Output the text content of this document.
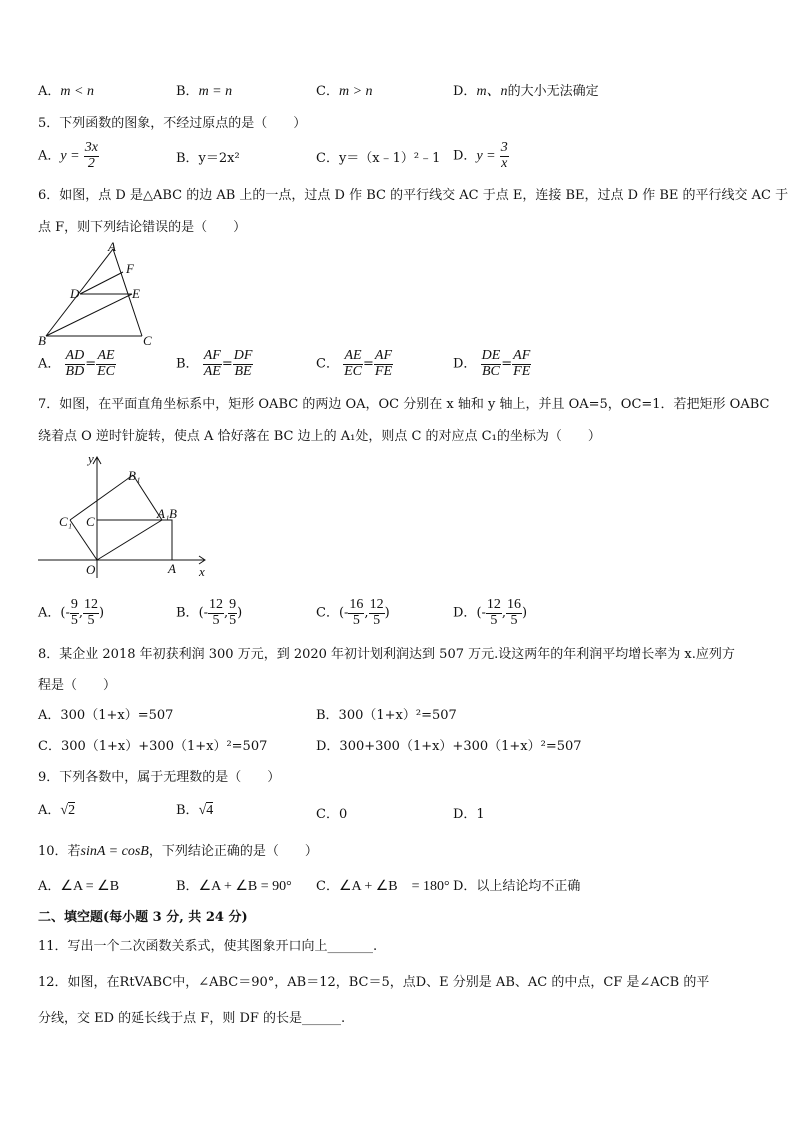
A．m < n	B．m = n	C．m > n	D．m、n的大小无法确定
5．下列函数的图象，不经过原点的是（　　）
A．$y = \frac{3x}{2}$	B．y＝2x²	C．y＝（x﹣1）²﹣1 D．$y = \frac{3}{x}$
6．如图，点 D 是△ABC 的边 AB 上的一点，过点 D 作 BC 的平行线交 AC 于点 E，连接 BE，过点 D 作 BE 的平行线交 AC 于
点 F，则下列结论错误的是（　　）
A
F
D	E
B	C
A． $\frac{AD}{BD} = \frac{AE}{EC}$	B． $\frac{AF}{AE} = \frac{DF}{BE}$	C． $\frac{AE}{EC} = \frac{AF}{FE}$	D． $\frac{DE}{BC} = \frac{AF}{FE}$
7．如图，在平面直角坐标系中，矩形 OABC 的两边 OA，OC 分别在 x 轴和 y 轴上，并且 OA=5，OC=1．若把矩形 OABC
绕着点 O 逆时针旋转，使点 A 恰好落在 BC 边上的 A₁处，则点 C 的对应点 C₁的坐标为（　　）
y
B₁
C₁ C
A₁ B
O	A x
A．(- $\frac{9}{5}$ , $\frac{12}{5}$ )	B．(- $\frac{12}{5}$ , $\frac{9}{5}$ )	C．(- $\frac{16}{5}$ , $\frac{12}{5}$ )	D．(- $\frac{12}{5}$ , $\frac{16}{5}$ )
8．某企业 2018 年初获利润 300 万元，到 2020 年初计划利润达到 507 万元.设这两年的年利润平均增长率为 x.应列方
程是（　　）
A．300（1+x）=507	B．300（1+x）²=507
C．300（1+x）+300（1+x）²=507	D．300+300（1+x）+300（1+x）²=507
9．下列各数中，属于无理数的是（　　）
A．√2	B．√4	C．0	D．1
10．若sinA = cosB，下列结论正确的是（　　）
A．∠A = ∠B	B．∠A + ∠B = 90° C．∠A + ∠B　= 180° D．以上结论均不正确
二、填空题(每小题 3 分, 共 24 分)
11．写出一个二次函数关系式，使其图象开口向上_______.
12．如图，在RtVABC中，∠ABC＝90°，AB＝12，BC＝5，点D、E 分别是 AB、AC 的中点，CF 是∠ACB 的平
分线，交 ED 的延长线于点 F，则 DF 的长是______.
